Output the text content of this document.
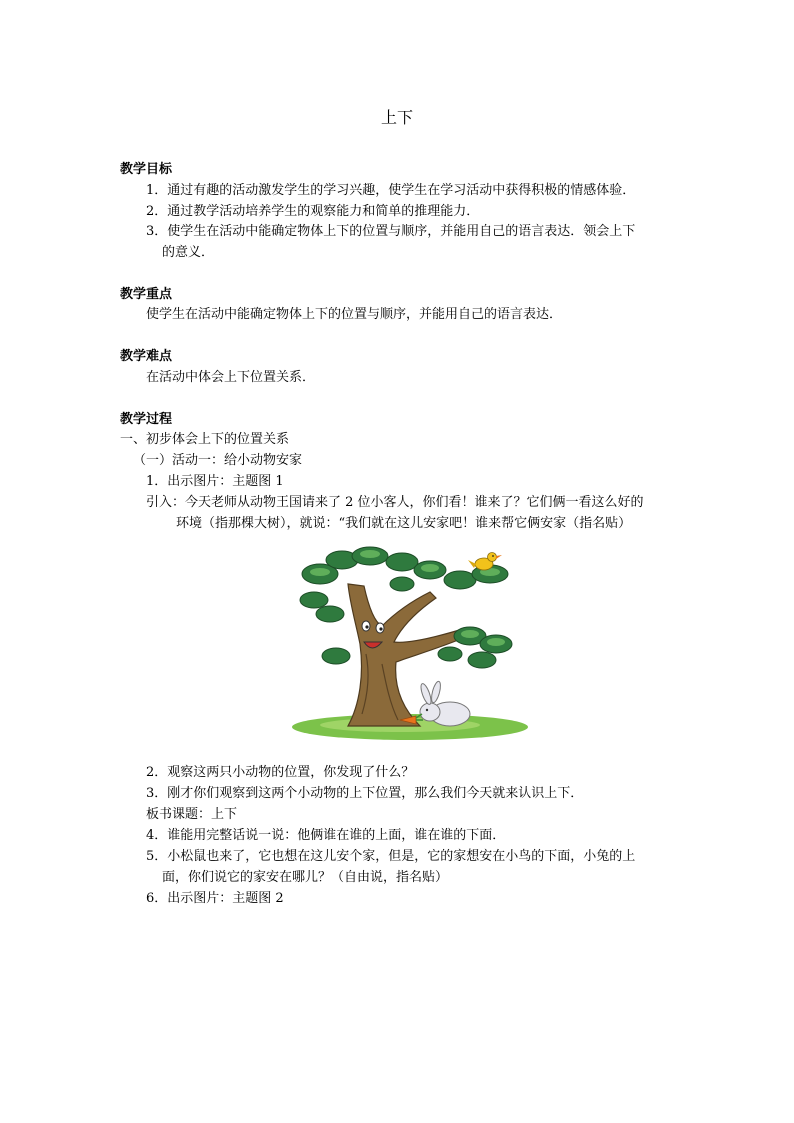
上下
教学目标
1．通过有趣的活动激发学生的学习兴趣，使学生在学习活动中获得积极的情感体验．
2．通过教学活动培养学生的观察能力和简单的推理能力．
3．使学生在活动中能确定物体上下的位置与顺序，并能用自己的语言表达．领会上下
的意义．
教学重点
使学生在活动中能确定物体上下的位置与顺序，并能用自己的语言表达．
教学难点
在活动中体会上下位置关系．
教学过程
一、初步体会上下的位置关系
（一）活动一：给小动物安家
1．出示图片：主题图 1
引入：今天老师从动物王国请来了 2 位小客人，你们看！谁来了？它们俩一看这么好的
环境（指那棵大树），就说：“我们就在这儿安家吧！谁来帮它俩安家（指名贴）
2．观察这两只小动物的位置，你发现了什么？
3．刚才你们观察到这两个小动物的上下位置，那么我们今天就来认识上下．
板书课题：上下
4．谁能用完整话说一说：他俩谁在谁的上面，谁在谁的下面．
5．小松鼠也来了，它也想在这儿安个家，但是，它的家想安在小鸟的下面，小兔的上
面，你们说它的家安在哪儿？（自由说，指名贴）
6．出示图片：主题图 2
